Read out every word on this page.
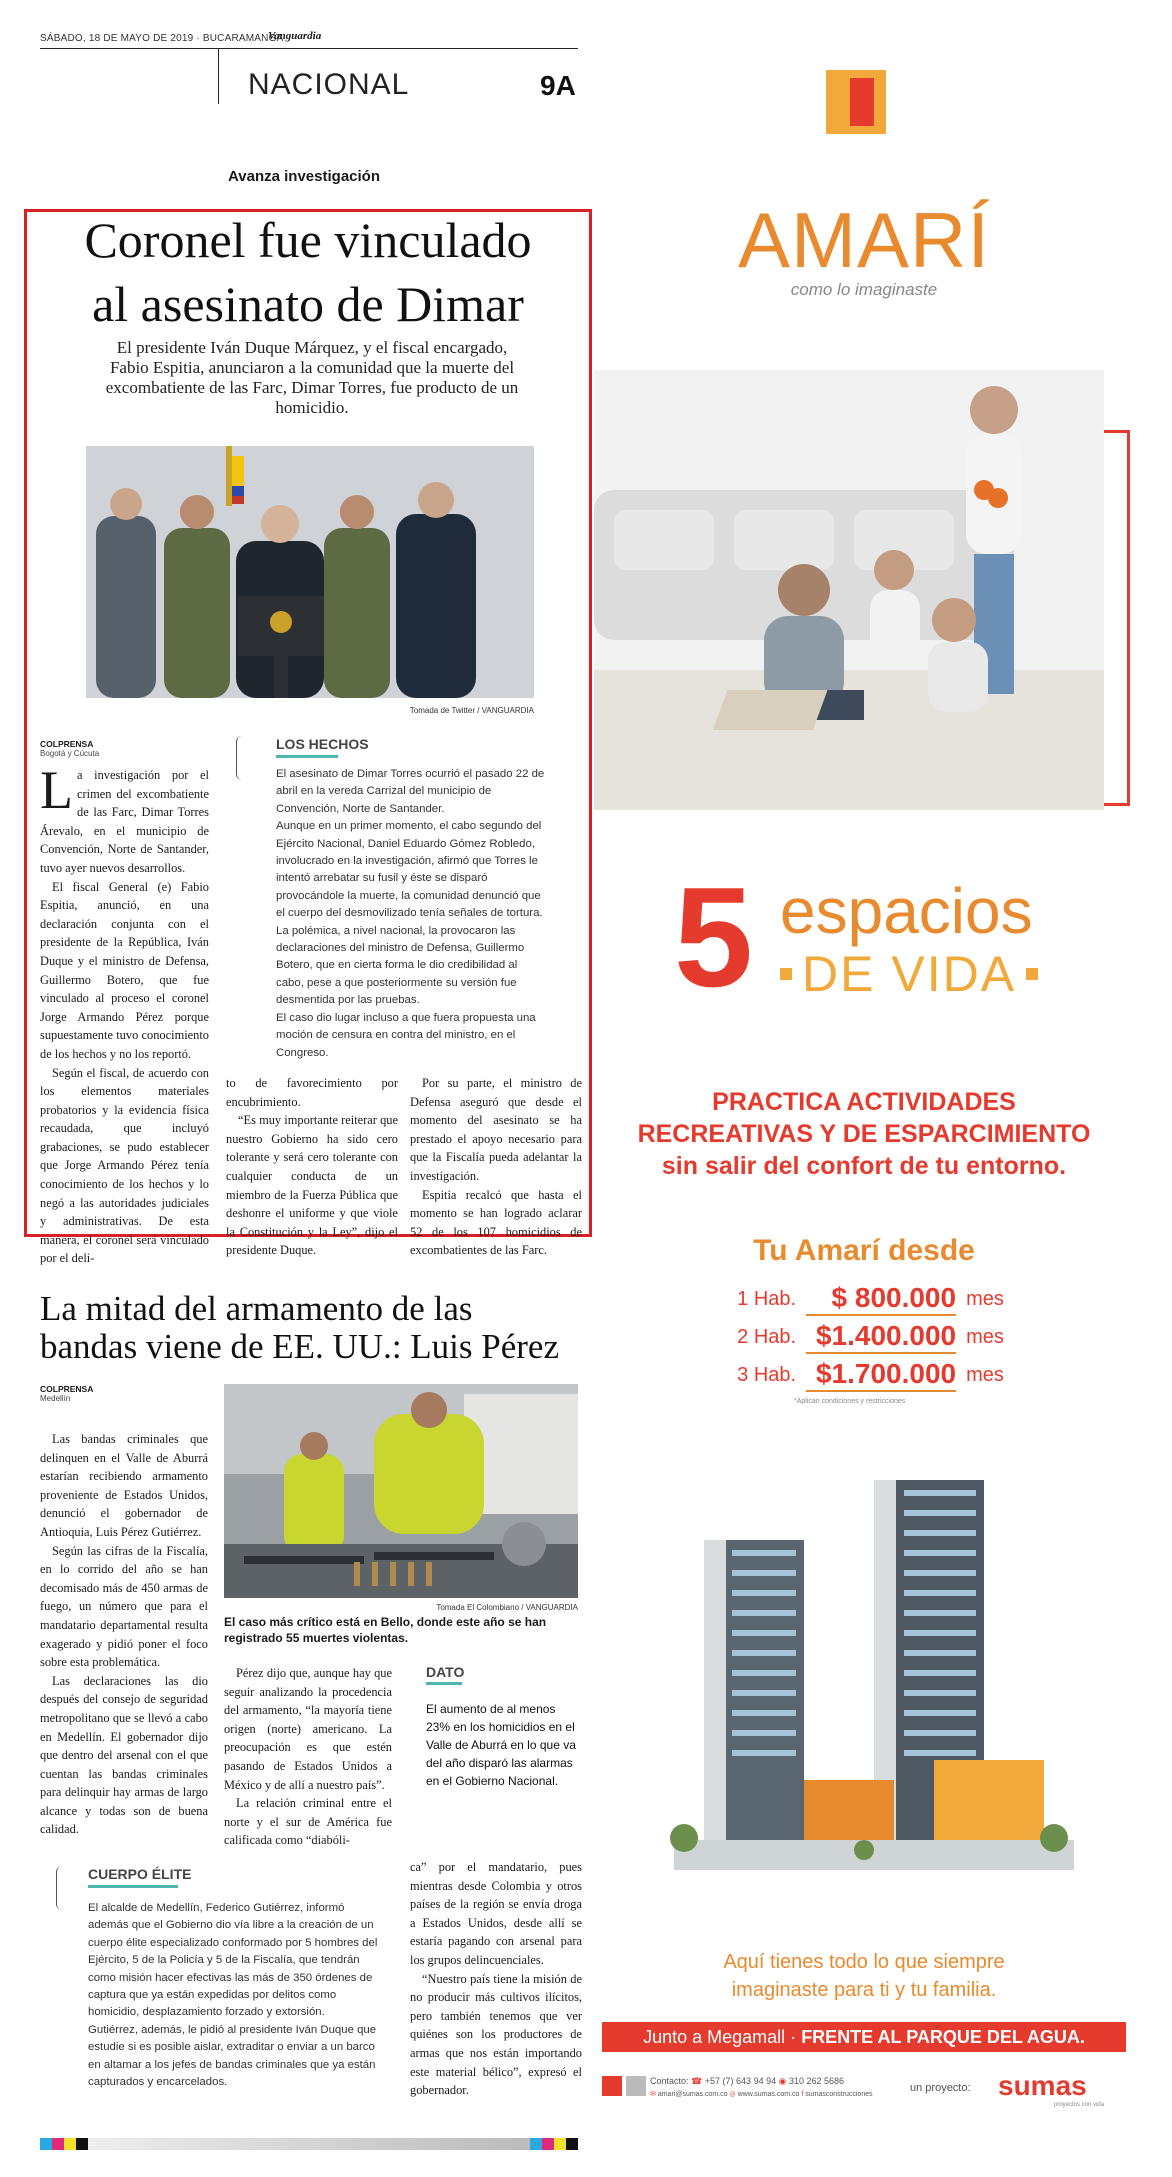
SÁBADO, 18 DE MAYO DE 2019 · BUCARAMANGA
Vanguardia
NACIONAL	9A
Avanza investigación
Coronel fue vinculado
al asesinato de Dimar
El presidente Iván Duque Márquez, y el fiscal encargado, Fabio Espitia, anunciaron a la comunidad que la muerte del excombatiente de las Farc, Dimar Torres, fue producto de un homicidio.
Tomada de Twitter / VANGUARDIA
COLPRENSA
Bogotá y Cúcuta
L a investigación por el crimen del excombatiente de las Farc, Dimar Torres Árevalo, en el municipio de Convención, Norte de Santander, tuvo ayer nuevos desarrollos.

El fiscal General (e) Fabio Espitia, anunció, en una declaración conjunta con el presidente de la República, Iván Duque y el ministro de Defensa, Guillermo Botero, que fue vinculado al proceso el coronel Jorge Armando Pérez porque supuestamente tuvo conocimiento de los hechos y no los reportó.

Según el fiscal, de acuerdo con los elementos materiales probatorios y la evidencia física recaudada, que incluyó grabaciones, se pudo establecer que Jorge Armando Pérez tenía conocimiento de los hechos y lo negó a las autoridades judiciales y administrativas. De esta manera, el coronel será vinculado por el deli-

LOS HECHOS
El asesinato de Dimar Torres ocurrió el pasado 22 de abril en la vereda Carrizal del municipio de Convención, Norte de Santander.
Aunque en un primer momento, el cabo segundo del Ejército Nacional, Daniel Eduardo Gómez Robledo, involucrado en la investigación, afirmó que Torres le intentó arrebatar su fusil y éste se disparó provocándole la muerte, la comunidad denunció que el cuerpo del desmovilizado tenía señales de tortura.
La polémica, a nivel nacional, la provocaron las declaraciones del ministro de Defensa, Guillermo Botero, que en cierta forma le dio credibilidad al cabo, pese a que posteriormente su versión fue desmentida por las pruebas.
El caso dio lugar incluso a que fuera propuesta una moción de censura en contra del ministro, en el Congreso.
to de favorecimiento por encubrimiento.

“Es muy importante reiterar que nuestro Gobierno ha sido cero tolerante y será cero tolerante con cualquier conducta de un miembro de la Fuerza Pública que deshonre el uniforme y que viole la Constitución y la Ley”, dijo el presidente Duque.

Por su parte, el ministro de Defensa aseguró que desde el momento del asesinato se ha prestado el apoyo necesario para que la Fiscalía pueda adelantar la investigación.

Espitia recalcó que hasta el momento se han logrado aclarar 52 de los 107 homicidios de excombatientes de las Farc.

La mitad del armamento de las
bandas viene de EE. UU.: Luis Pérez
COLPRENSA
Medellín

Las bandas criminales que delinquen en el Valle de Aburrá estarían recibiendo armamento proveniente de Estados Unidos, denunció el gobernador de Antioquia, Luis Pérez Gutiérrez.

Según las cifras de la Fiscalía, en lo corrido del año se han decomisado más de 450 armas de fuego, un número que para el mandatario departamental resulta exagerado y pidió poner el foco sobre esta problemática.

Las declaraciones las dio después del consejo de seguridad metropolitano que se llevó a cabo en Medellín. El gobernador dijo que dentro del arsenal con el que cuentan las bandas criminales para delinquir hay armas de largo alcance y todas son de buena calidad.

Tomada El Colombiano / VANGUARDIA
El caso más crítico está en Bello, donde este año se han registrado 55 muertes violentas.

Pérez dijo que, aunque hay que seguir analizando la procedencia del armamento, “la mayoría tiene origen (norte) americano. La preocupación es que estén pasando de Estados Unidos a México y de allí a nuestro país”.

La relación criminal entre el norte y el sur de América fue calificada como “diabóli-

DATO
El aumento de al menos 23% en los homicidios en el Valle de Aburrá en lo que va del año disparó las alarmas en el Gobierno Nacional.
CUERPO ÉLITE
El alcalde de Medellín, Federico Gutiérrez, informó además que el Gobierno dio vía libre a la creación de un cuerpo élite especializado conformado por 5 hombres del Ejército, 5 de la Policía y 5 de la Fiscalía, que tendrán como misión hacer efectivas las más de 350 órdenes de captura que ya están expedidas por delitos como homicidio, desplazamiento forzado y extorsión.
Gutiérrez, además, le pidió al presidente Iván Duque que estudie si es posible aislar, extraditar o enviar a un barco en altamar a los jefes de bandas criminales que ya están capturados y encarcelados.
ca” por el mandatario, pues mientras desde Colombia y otros países de la región se envía droga a Estados Unidos, desde allí se estaría pagando con arsenal para los grupos delincuenciales.

“Nuestro país tiene la misión de no producir más cultivos ilícitos, pero también tenemos que ver quiénes son los productores de armas que nos están importando este material bélico”, expresó el gobernador.

AMARÍ
como lo imaginaste
5 espacios
DE VIDA
PRACTICA ACTIVIDADES
RECREATIVAS Y DE ESPARCIMIENTO
sin salir del confort de tu entorno.
Tu Amarí desde
1 Hab.	$ 800.000 mes
2 Hab. $1.400.000 mes
3 Hab. $1.700.000 mes
*Aplican condiciones y restricciones
Aquí tienes todo lo que siempre
imaginaste para ti y tu familia.
Junto a Megamall · FRENTE AL PARQUE DEL AGUA.
Contacto: ☎ +57 (7) 643 94 94 ◉ 310 262 5686
✉ amari@sumas.com.co ◎ www.sumas.com.co f sumasconstrucciones
un proyecto: sumas
proyectos con vida
